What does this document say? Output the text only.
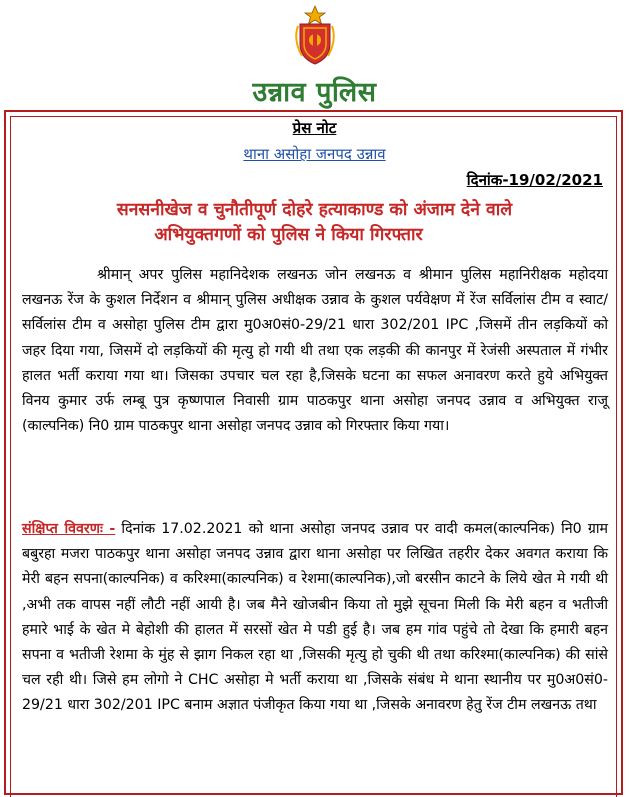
उन्नाव पुलिस
प्रेस नोट
थाना असोहा जनपद उन्नाव
दिनांक-19/02/2021
सनसनीखेज व चुनौतीपूर्ण दोहरे हत्याकाण्ड को अंजाम देने वाले
अभियुक्तगणों को पुलिस ने किया गिरफ्तार
श्रीमान् अपर पुलिस महानिदेशक लखनऊ जोन लखनऊ व श्रीमान पुलिस महानिरीक्षक महोदया लखनऊ रेंज के कुशल निर्देशन व श्रीमान् पुलिस अधीक्षक उन्नाव के कुशल पर्यवेक्षण में रेंज सर्विलांस टीम व स्वाट/सर्विलांस टीम व असोहा पुलिस टीम द्वारा मु0अ0सं0-29/21 धारा 302/201 IPC ,जिसमें तीन लड़कियों को जहर दिया गया, जिसमें दो लड़कियों की मृत्यु हो गयी थी तथा एक लड़की की कानपुर में रेजंसी अस्पताल में गंभीर हालत भर्ती कराया गया था। जिसका उपचार चल रहा है,जिसके घटना का सफल अनावरण करते हुये अभियुक्त विनय कुमार उर्फ लम्बू पुत्र कृष्णपाल निवासी ग्राम पाठकपुर थाना असोहा जनपद उन्नाव व अभियुक्त राजू (काल्पनिक) नि0 ग्राम पाठकपुर थाना असोहा जनपद उन्नाव को गिरफ्तार किया गया।
संक्षिप्त विवरणः - दिनांक 17.02.2021 को थाना असोहा जनपद उन्नाव पर वादी कमल(काल्पनिक) नि0 ग्राम बबुरहा मजरा पाठकपुर थाना असोहा जनपद उन्नाव द्वारा थाना असोहा पर लिखित तहरीर देकर अवगत कराया कि मेरी बहन सपना(काल्पनिक) व करिश्मा(काल्पनिक) व रेशमा(काल्पनिक),जो बरसीन काटने के लिये खेत मे गयी थी ,अभी तक वापस नहीं लौटी नहीं आयी है। जब मैने खोजबीन किया तो मुझे सूचना मिली कि मेरी बहन व भतीजी हमारे भाई के खेत मे बेहोशी की हालत में सरसों खेत मे पडी हुई है। जब हम गांव पहुंचे तो देखा कि हमारी बहन सपना व भतीजी रेशमा के मुंह से झाग निकल रहा था ,जिसकी मृत्यु हो चुकी थी तथा करिश्मा(काल्पनिक) की सांसे चल रही थी। जिसे हम लोगो ने CHC असोहा मे भर्ती कराया था ,जिसके संबंध मे थाना स्थानीय पर मु0अ0सं0-29/21 धारा 302/201 IPC बनाम अज्ञात पंजीकृत किया गया था ,जिसके अनावरण हेतु रेंज टीम लखनऊ तथा
